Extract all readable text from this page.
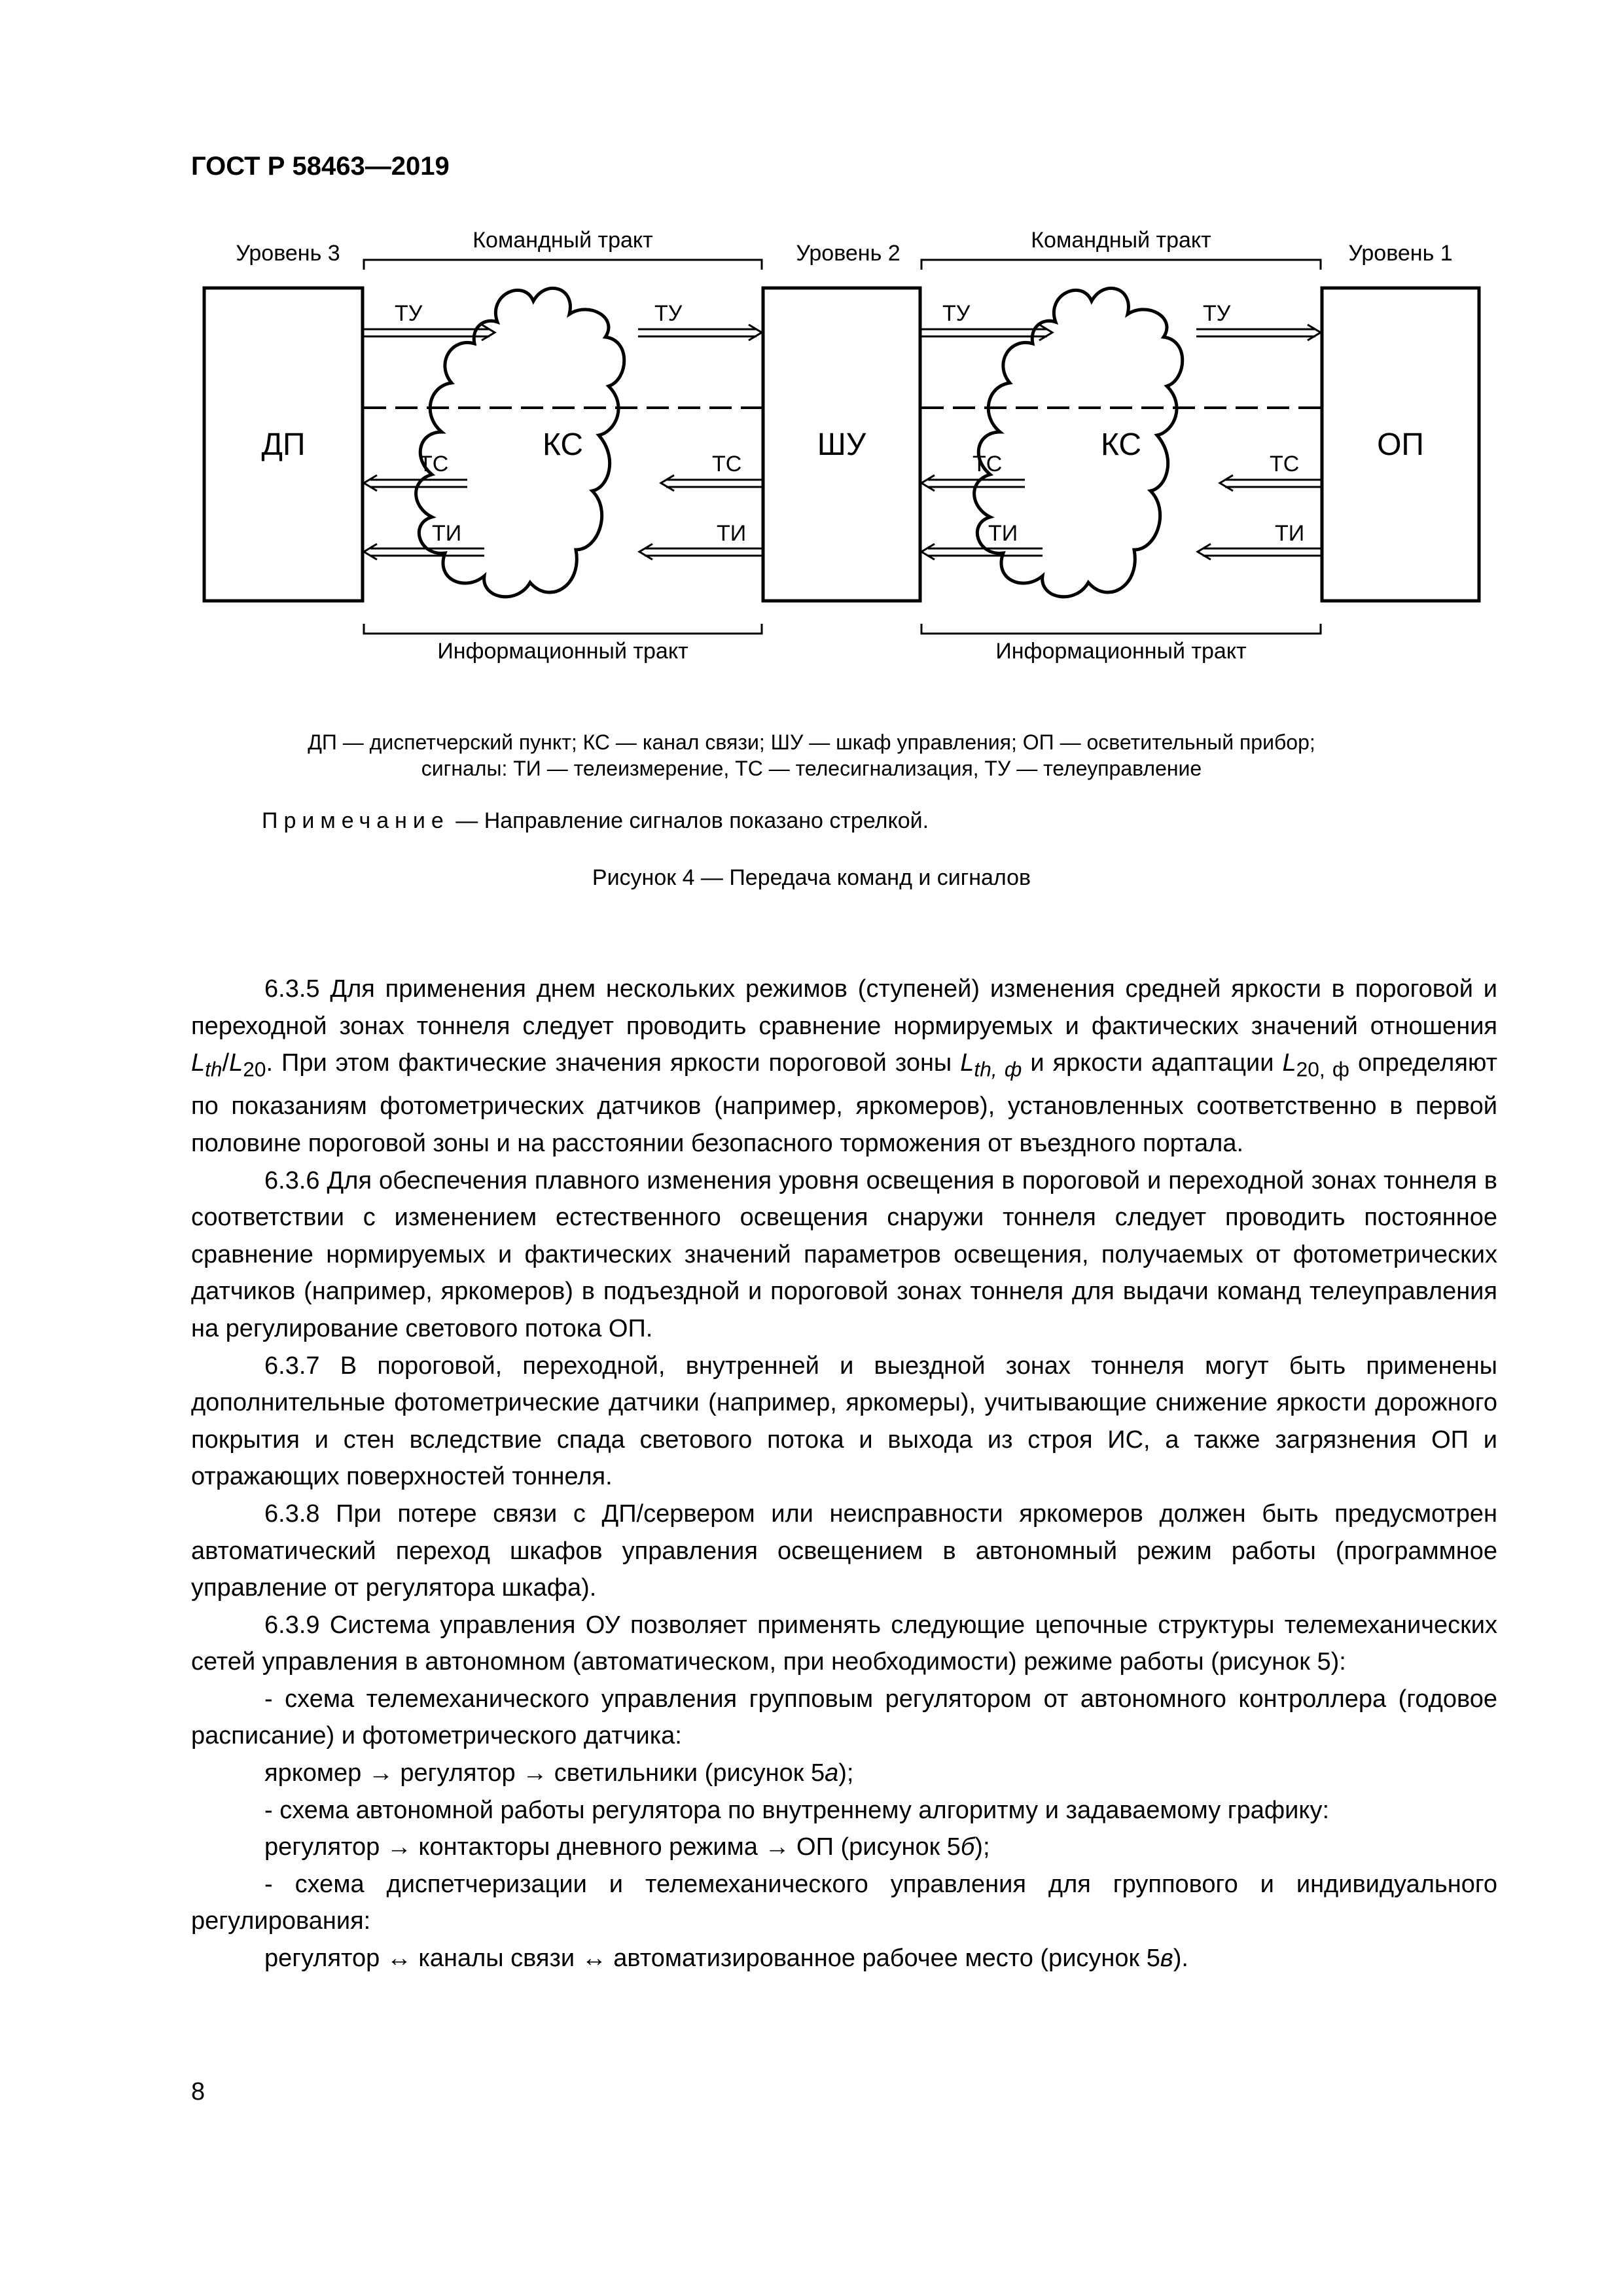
ГОСТ Р 58463—2019
Уровень 3	Уровень 2	Уровень 1
Командный тракт	Командный тракт
Информационный тракт	Информационный тракт
ДП	ШУ	ОП
КС	КС
ТУ	ТУ	ТУ	ТУ
ТС	ТС	ТС	ТС
ТИ	ТИ	ТИ	ТИ
ДП — диспетчерский пункт; КС — канал связи; ШУ — шкаф управления; ОП — осветительный прибор;
сигналы: ТИ — телеизмерение, ТС — телесигнализация, ТУ — телеуправление
Примечание — Направление сигналов показано стрелкой.
Рисунок 4 — Передача команд и сигналов

6.3.5 Для применения днем нескольких режимов (ступеней) изменения средней яркости в пороговой и переходной зонах тоннеля следует проводить сравнение нормируемых и фактических значений отношения $L_{th}/L_{20}$. При этом фактические значения яркости пороговой зоны $L_{th, ф}$ и яркости адаптации $L_{20, ф}$ определяют по показаниям фотометрических датчиков (например, яркомеров), установленных соответственно в первой половине пороговой зоны и на расстоянии безопасного торможения от въездного портала.

6.3.6 Для обеспечения плавного изменения уровня освещения в пороговой и переходной зонах тоннеля в соответствии с изменением естественного освещения снаружи тоннеля следует проводить постоянное сравнение нормируемых и фактических значений параметров освещения, получаемых от фотометрических датчиков (например, яркомеров) в подъездной и пороговой зонах тоннеля для выдачи команд телеуправления на регулирование светового потока ОП.

6.3.7 В пороговой, переходной, внутренней и выездной зонах тоннеля могут быть применены дополнительные фотометрические датчики (например, яркомеры), учитывающие снижение яркости дорожного покрытия и стен вследствие спада светового потока и выхода из строя ИС, а также загрязнения ОП и отражающих поверхностей тоннеля.

6.3.8 При потере связи с ДП/сервером или неисправности яркомеров должен быть предусмотрен автоматический переход шкафов управления освещением в автономный режим работы (программное управление от регулятора шкафа).

6.3.9 Система управления ОУ позволяет применять следующие цепочные структуры телемеханических сетей управления в автономном (автоматическом, при необходимости) режиме работы (рисунок 5):

- схема телемеханического управления групповым регулятором от автономного контроллера (годовое расписание) и фотометрического датчика:

яркомер → регулятор → светильники (рисунок 5а);

- схема автономной работы регулятора по внутреннему алгоритму и задаваемому графику:

регулятор → контакторы дневного режима → ОП (рисунок 5б);

- схема диспетчеризации и телемеханического управления для группового и индивидуального регулирования:

регулятор ↔ каналы связи ↔ автоматизированное рабочее место (рисунок 5в).

8
